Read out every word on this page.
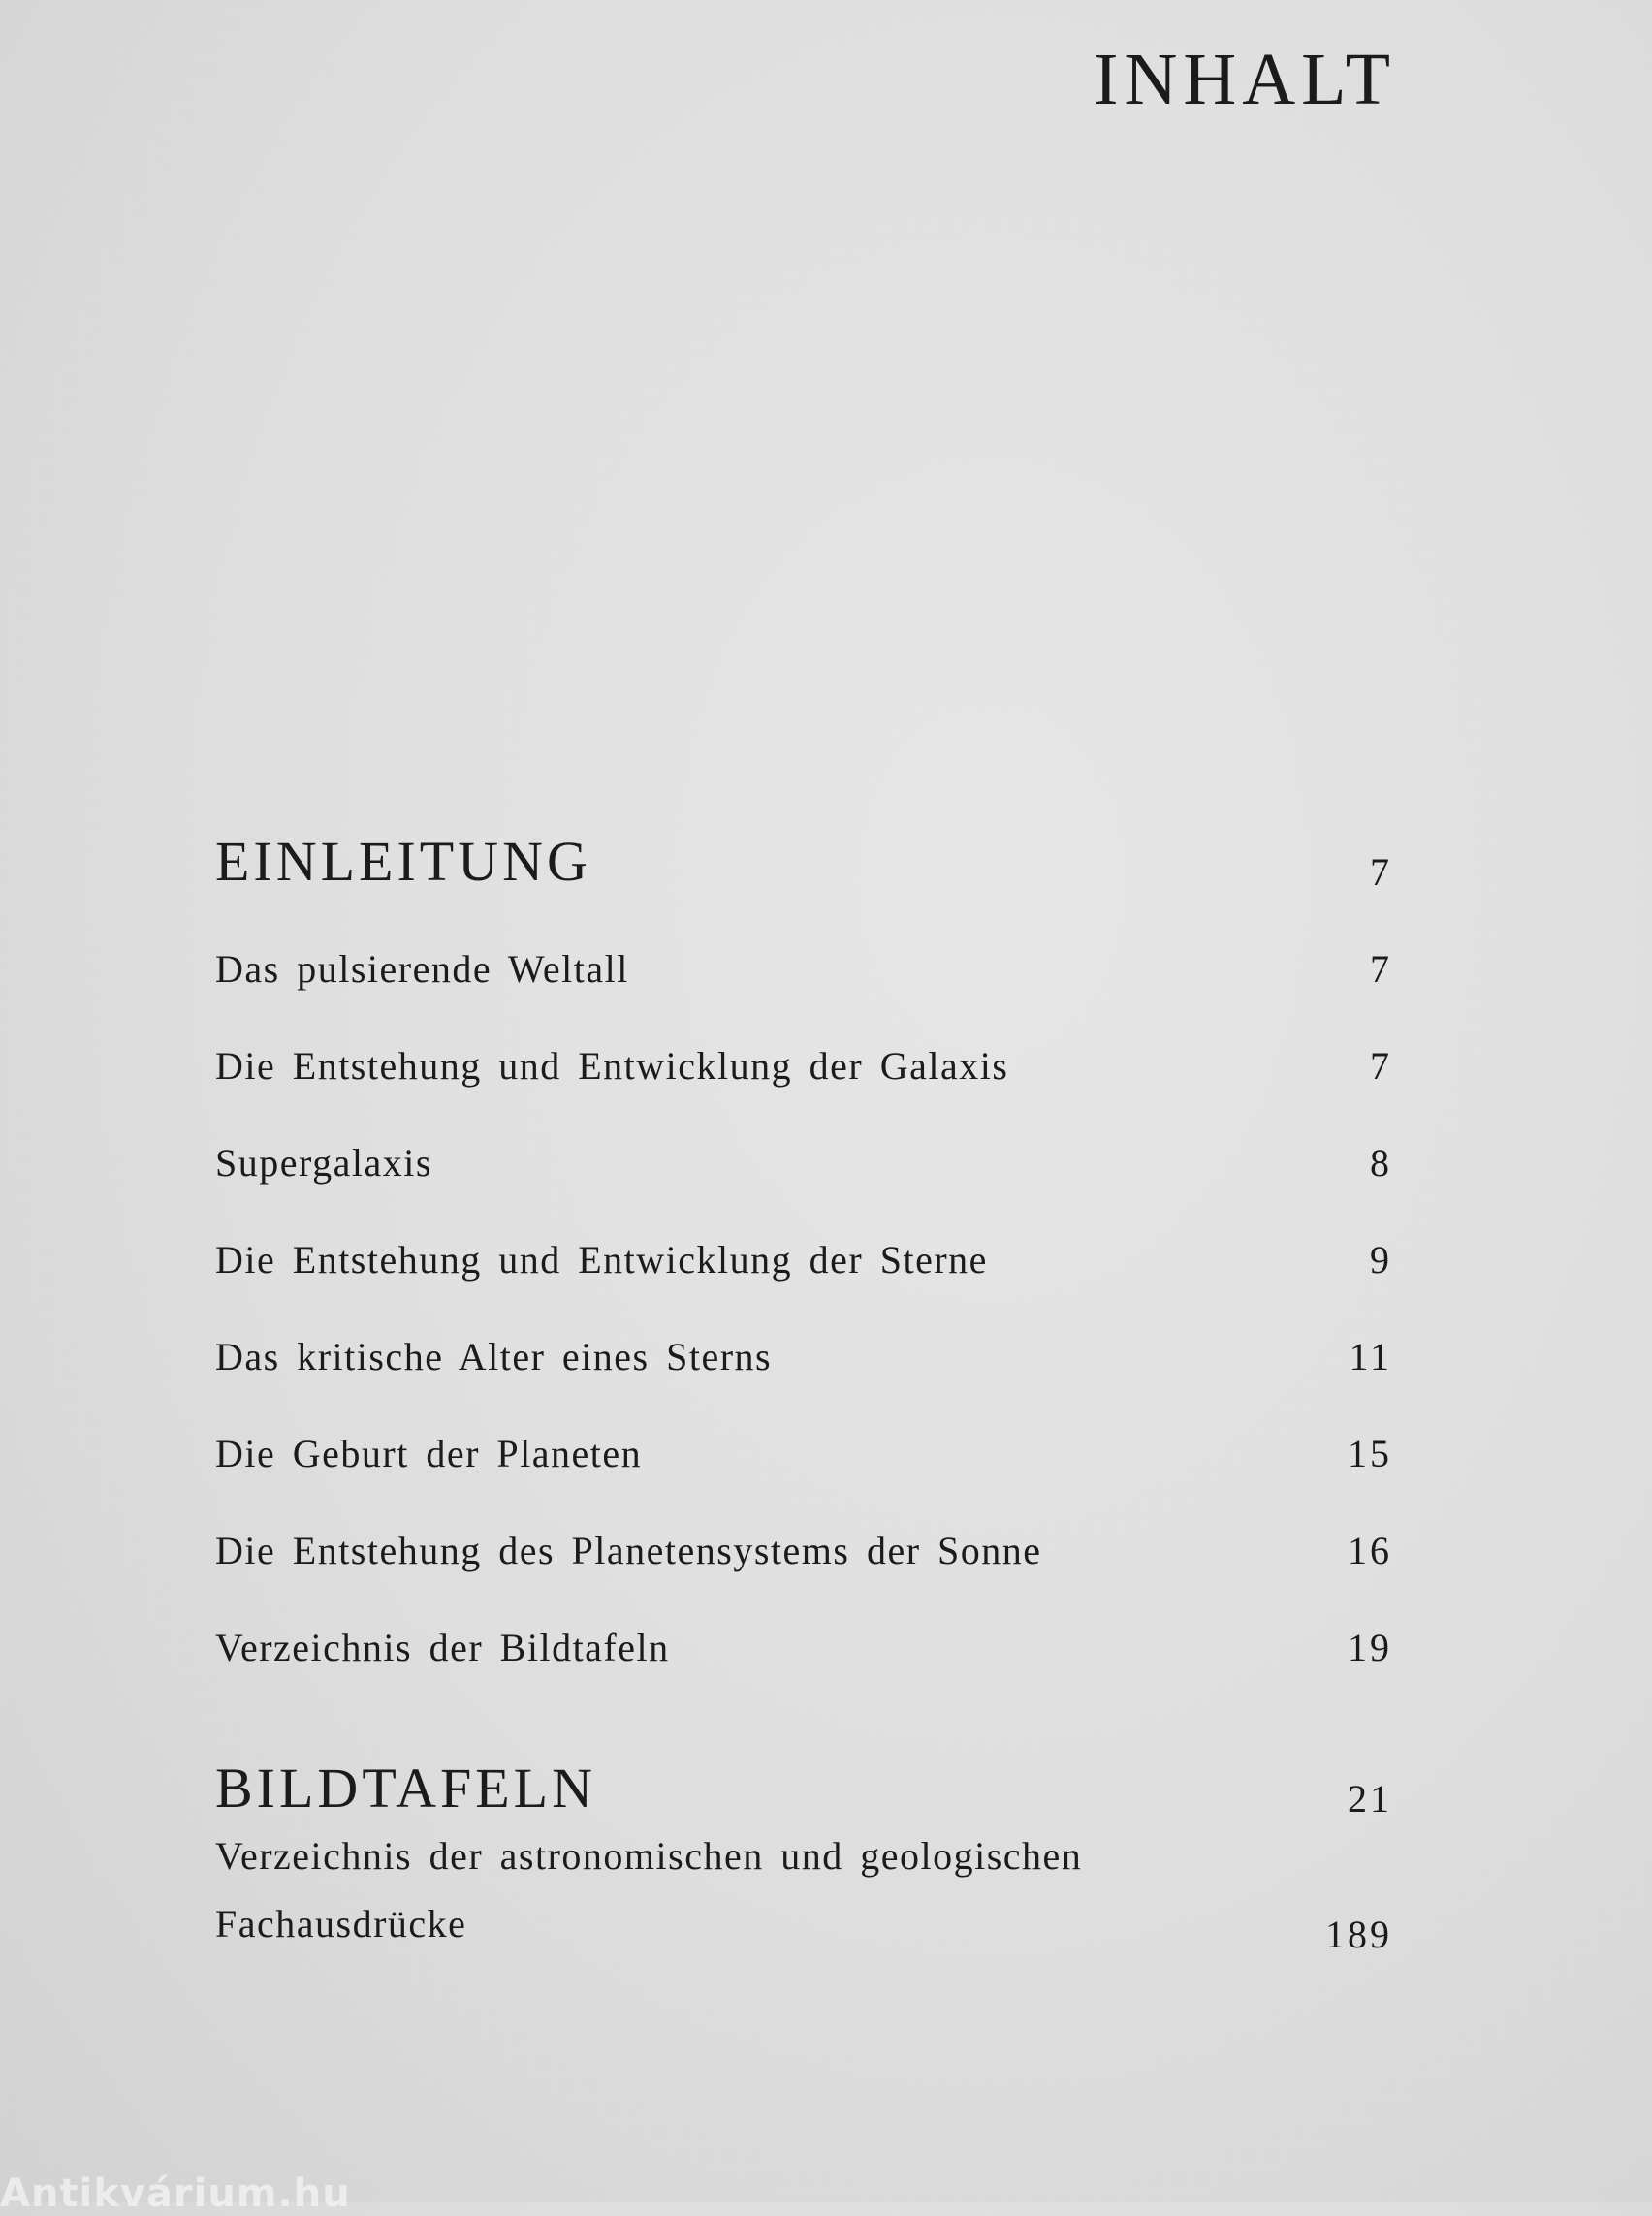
INHALT
EINLEITUNG	7
Das pulsierende Weltall	7
Die Entstehung und Entwicklung der Galaxis	7
Supergalaxis	8
Die Entstehung und Entwicklung der Sterne	9
Das kritische Alter eines Sterns	11
Die Geburt der Planeten	15
Die Entstehung des Planetensystems der Sonne	16
Verzeichnis der Bildtafeln	19
BILDTAFELN	21
Verzeichnis der astronomischen und geologischen
Fachausdrücke	189
Antikvárium.hu
